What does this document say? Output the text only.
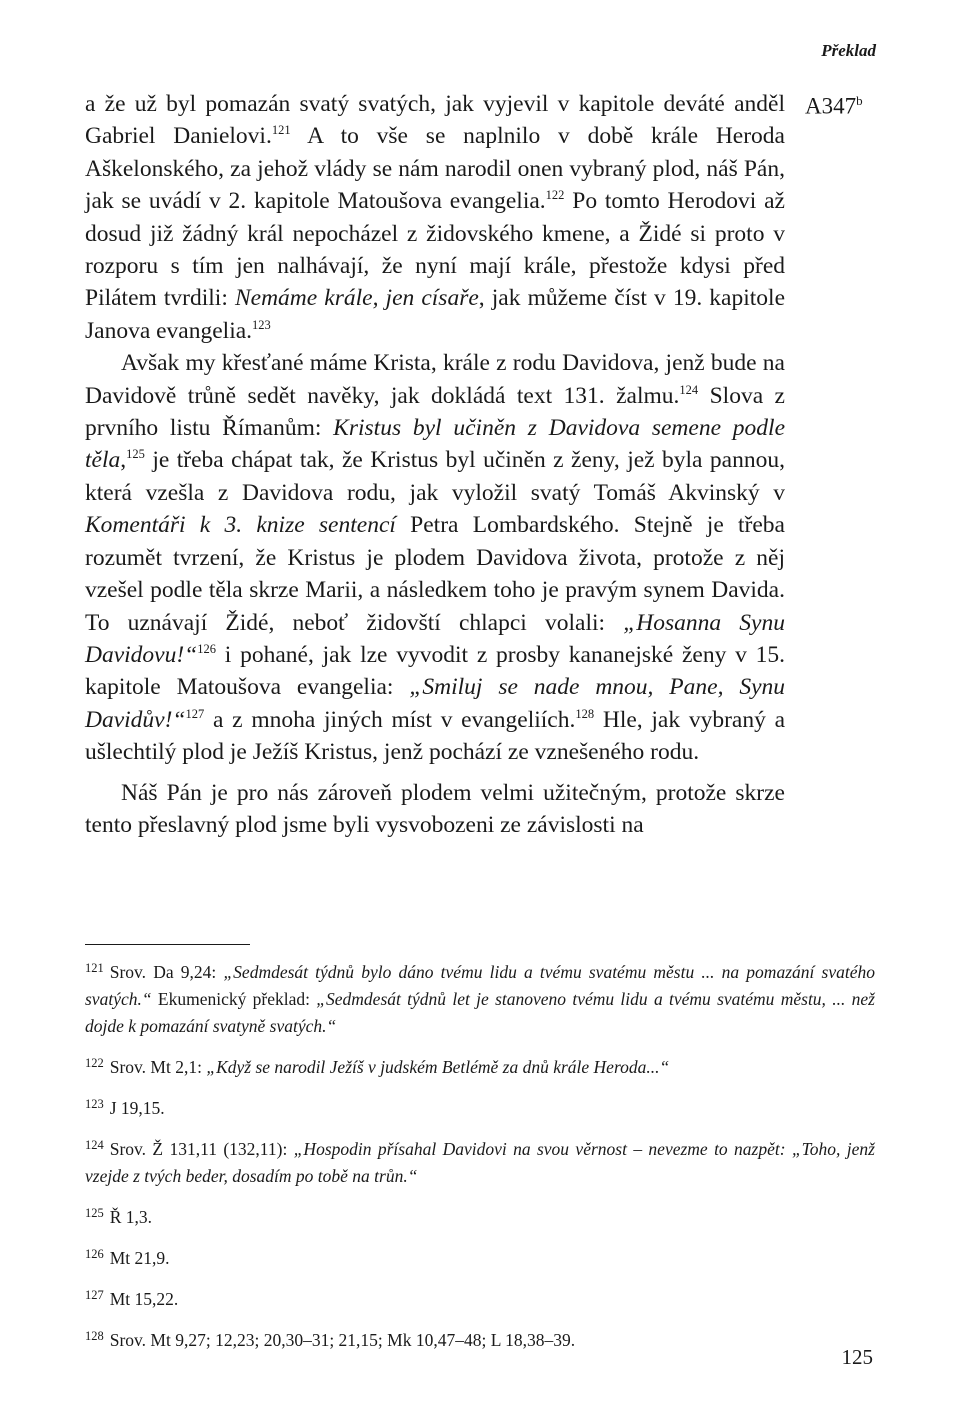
Překlad
A347$^b$

a že už byl pomazán svatý svatých, jak vyjevil v kapitole deváté anděl Gabriel Danielovi.$^{121}$ A to vše se naplnilo v době krále Heroda Aškelonského, za jehož vlády se nám narodil onen vybraný plod, náš Pán, jak se uvádí v 2. kapitole Matoušova evangelia.$^{122}$ Po tomto Herodovi až dosud již žádný král nepocházel z židovského kmene, a Židé si proto v rozporu s tím jen nalhávají, že nyní mají krále, přestože kdysi před Pilátem tvrdili: Nemáme krále, jen císaře, jak můžeme číst v 19. kapitole Janova evangelia.$^{123}$

Avšak my křesťané máme Krista, krále z rodu Davidova, jenž bude na Davidově trůně sedět navěky, jak dokládá text 131. žalmu.$^{124}$ Slova z prvního listu Římanům: Kristus byl učiněn z Davidova semene podle těla,$^{125}$ je třeba chápat tak, že Kristus byl učiněn z ženy, jež byla pannou, která vzešla z Davidova rodu, jak vyložil svatý Tomáš Akvinský v Komentáři k 3. knize sentencí Petra Lombardského. Stejně je třeba rozumět tvrzení, že Kristus je plodem Davidova života, protože z něj vzešel podle těla skrze Marii, a následkem toho je pravým synem Davida. To uznávají Židé, neboť židovští chlapci volali: „Hosanna Synu Davidovu!“$^{126}$ i pohané, jak lze vyvodit z prosby kananejské ženy v 15. kapitole Matoušova evangelia: „Smiluj se nade mnou, Pane, Synu Davidův!“$^{127}$ a z mnoha jiných míst v evangeliích.$^{128}$ Hle, jak vybraný a ušlechtilý plod je Ježíš Kristus, jenž pochází ze vznešeného rodu.

Náš Pán je pro nás zároveň plodem velmi užitečným, protože skrze tento přeslavný plod jsme byli vysvobozeni ze závislosti na

$^{121}$ Srov. Da 9,24: „Sedmdesát týdnů bylo dáno tvému lidu a tvému svatému městu ... na pomazání svatého svatých.“ Ekumenický překlad: „Sedmdesát týdnů let je stanoveno tvému lidu a tvému svatému městu, ... než dojde k pomazání svatyně svatých.“
$^{122}$ Srov. Mt 2,1: „Když se narodil Ježíš v judském Betlémě za dnů krále Heroda...“
$^{123}$ J 19,15.
$^{124}$ Srov. Ž 131,11 (132,11): „Hospodin přísahal Davidovi na svou věrnost – nevezme to nazpět: „Toho, jenž vzejde z tvých beder, dosadím po tobě na trůn.“
$^{125}$ Ř 1,3.
$^{126}$ Mt 21,9.
$^{127}$ Mt 15,22.
$^{128}$ Srov. Mt 9,27; 12,23; 20,30–31; 21,15; Mk 10,47–48; L 18,38–39.
125
